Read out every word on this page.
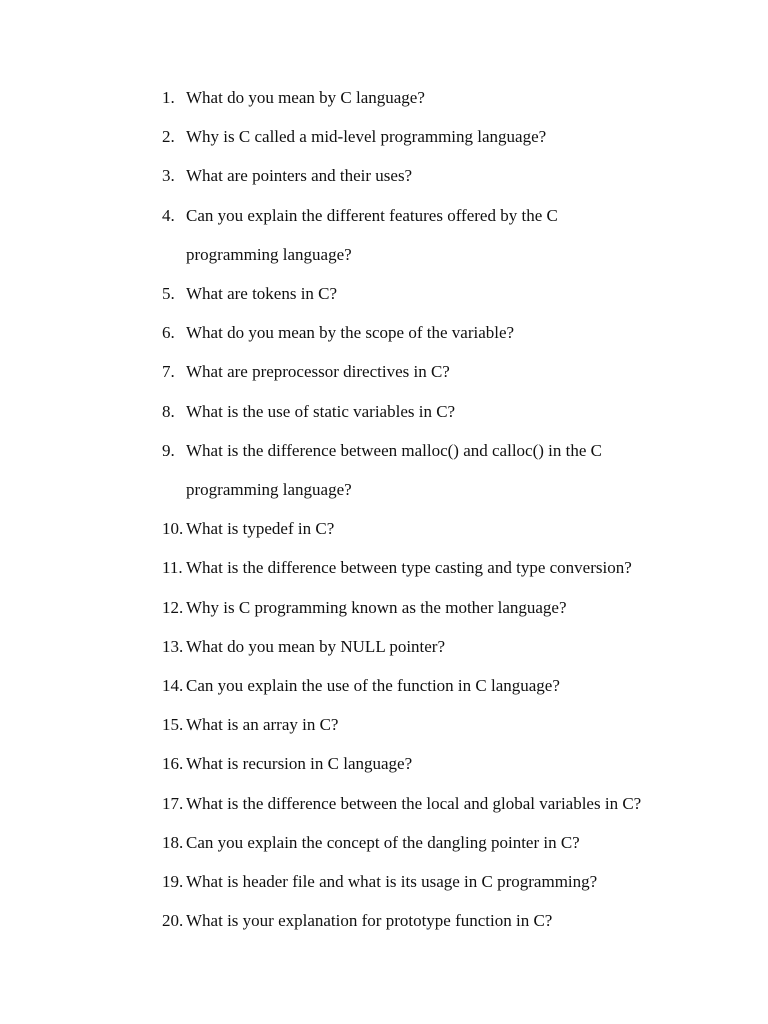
1. What do you mean by C language?
2. Why is C called a mid-level programming language?
3. What are pointers and their uses?
4. Can you explain the different features offered by the C
programming language?
5. What are tokens in C?
6. What do you mean by the scope of the variable?
7. What are preprocessor directives in C?
8. What is the use of static variables in C?
9. What is the difference between malloc() and calloc() in the C
programming language?
10. What is typedef in C?
11. What is the difference between type casting and type conversion?
12. Why is C programming known as the mother language?
13. What do you mean by NULL pointer?
14. Can you explain the use of the function in C language?
15. What is an array in C?
16. What is recursion in C language?
17. What is the difference between the local and global variables in C?
18. Can you explain the concept of the dangling pointer in C?
19. What is header file and what is its usage in C programming?
20. What is your explanation for prototype function in C?
